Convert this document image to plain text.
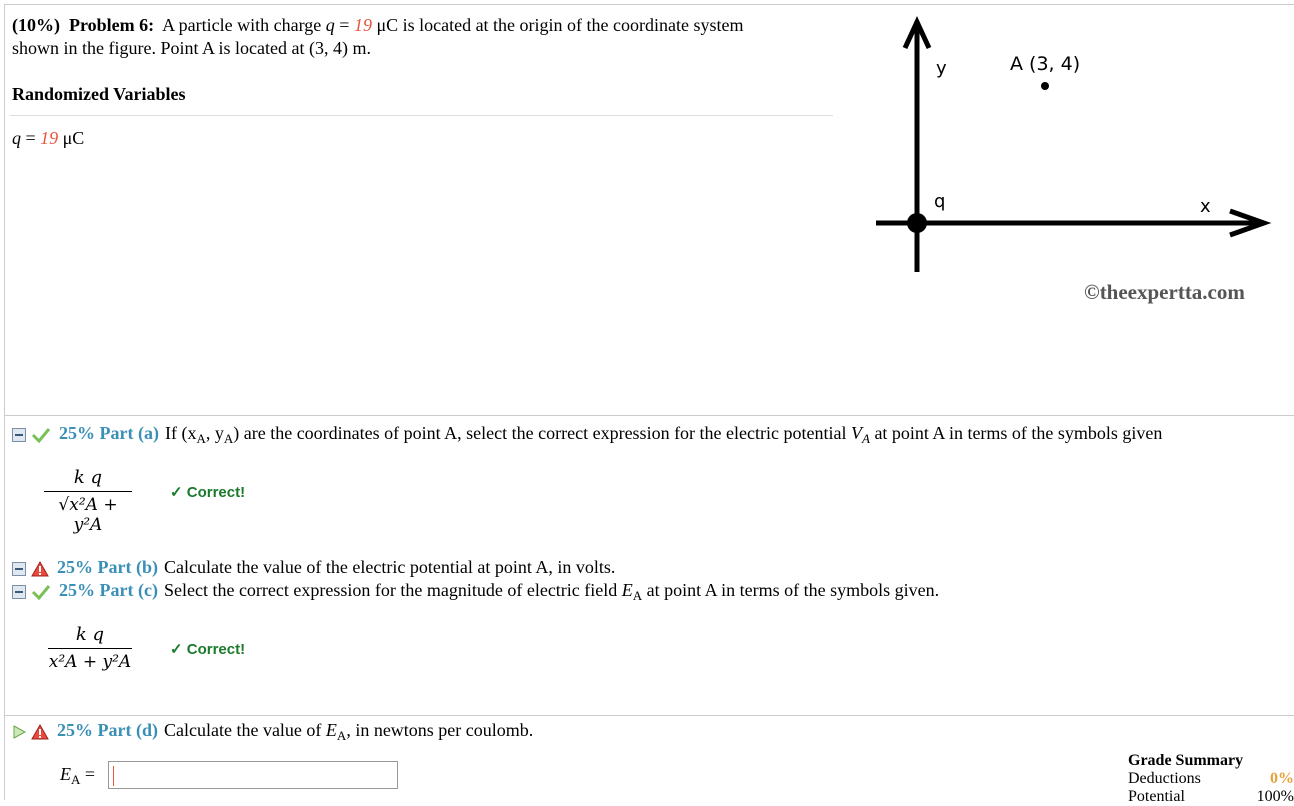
(10%) Problem 6: A particle with charge q = 19 μC is located at the origin of the coordinate system
shown in the figure. Point A is located at (3, 4) m.
Randomized Variables
q = 19 μC
y
x
q
A (3, 4)
©theexpertta.com
25% Part (a) If ($x_A$, $y_A$) are the coordinates of point A, select the correct expression for the electric potential $V_A$ at point A in terms of the symbols given
k q
√x²A + y²A
✓ Correct!
25% Part (b) Calculate the value of the electric potential at point A, in volts.
25% Part (c) Select the correct expression for the magnitude of electric field $E_A$ at point A in terms of the symbols given.
k q
x²A + y²A
✓ Correct!
25% Part (d) Calculate the value of $E_A$, in newtons per coulomb.
$E_A$ =
Grade Summary
Deductions	0%
Potential	100%
